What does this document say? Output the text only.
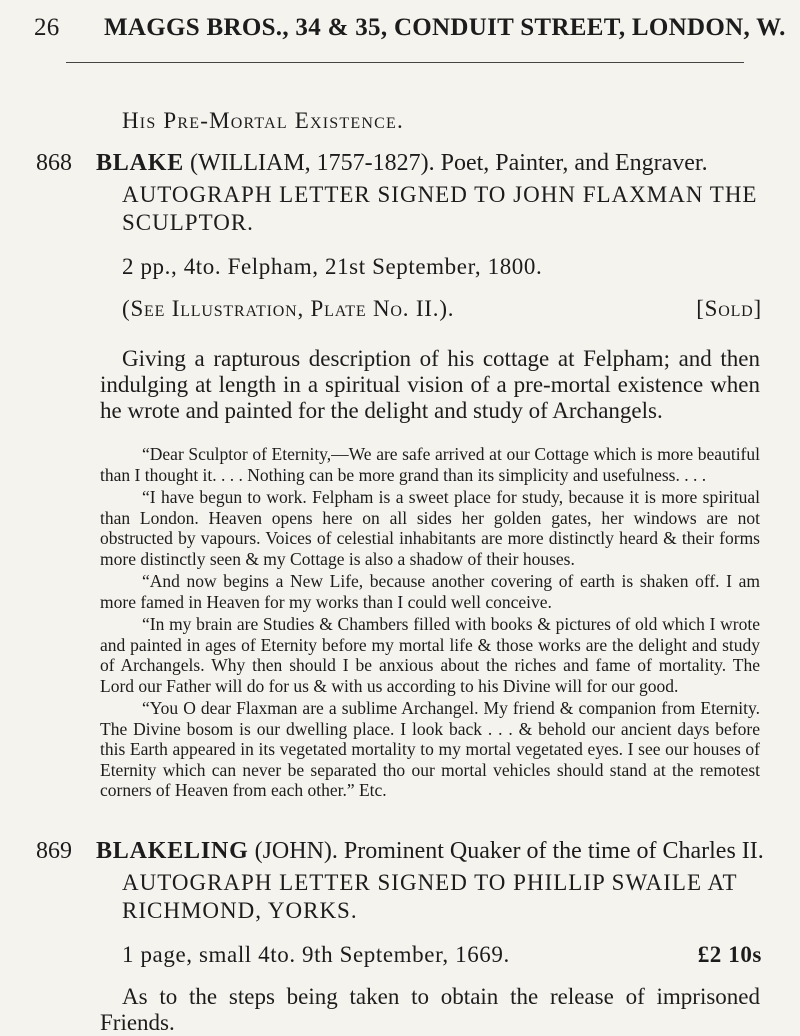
26 MAGGS BROS., 34 & 35, CONDUIT STREET, LONDON, W.
His Pre-Mortal Existence.
868 BLAKE (WILLIAM, 1757-1827). Poet, Painter, and Engraver.
AUTOGRAPH LETTER SIGNED TO JOHN FLAXMAN THE
SCULPTOR.
2 pp., 4to. Felpham, 21st September, 1800.
(See Illustration, Plate No. II.).	[Sold]
Giving a rapturous description of his cottage at Felpham; and then indulging at length in a spiritual vision of a pre-mortal existence when he wrote and painted for the delight and study of Archangels.

“Dear Sculptor of Eternity,—We are safe arrived at our Cottage which is more beautiful than I thought it. . . . Nothing can be more grand than its simplicity and usefulness. . . .

“I have begun to work. Felpham is a sweet place for study, because it is more spiritual than London. Heaven opens here on all sides her golden gates, her windows are not obstructed by vapours. Voices of celestial inhabitants are more distinctly heard & their forms more distinctly seen & my Cottage is also a shadow of their houses.

“And now begins a New Life, because another covering of earth is shaken off. I am more famed in Heaven for my works than I could well conceive.

“In my brain are Studies & Chambers filled with books & pictures of old which I wrote and painted in ages of Eternity before my mortal life & those works are the delight and study of Archangels. Why then should I be anxious about the riches and fame of mortality. The Lord our Father will do for us & with us according to his Divine will for our good.

“You O dear Flaxman are a sublime Archangel. My friend & companion from Eternity. The Divine bosom is our dwelling place. I look back . . . & behold our ancient days before this Earth appeared in its vegetated mortality to my mortal vegetated eyes. I see our houses of Eternity which can never be separated tho our mortal vehicles should stand at the remotest corners of Heaven from each other.” Etc.

869 BLAKELING (JOHN). Prominent Quaker of the time of Charles II.
AUTOGRAPH LETTER SIGNED TO PHILLIP SWAILE AT
RICHMOND, YORKS.
1 page, small 4to. 9th September, 1669.	£2 10s
As to the steps being taken to obtain the release of imprisoned Friends.
